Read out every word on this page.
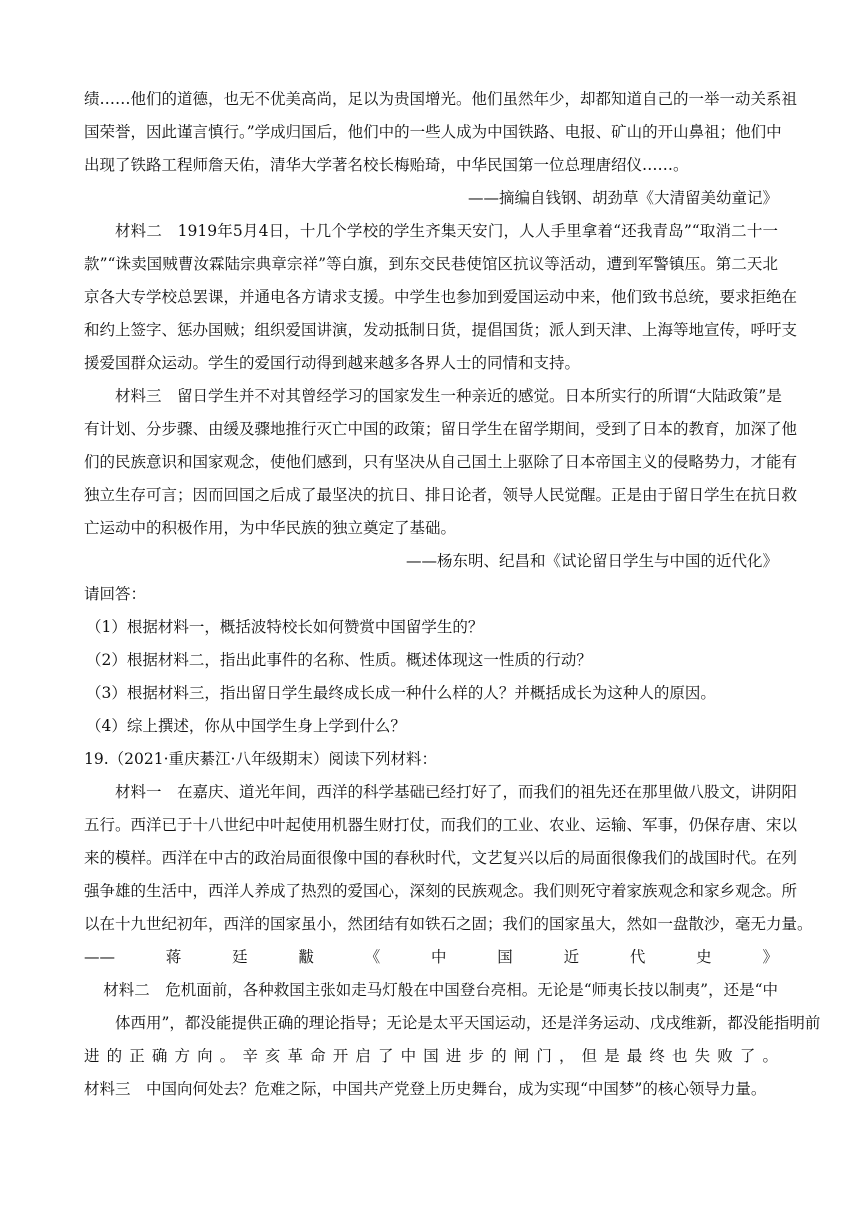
绩……他们的道德，也无不优美高尚，足以为贵国增光。他们虽然年少，却都知道自己的一举一动关系祖
国荣誉，因此谨言慎行。”学成归国后，他们中的一些人成为中国铁路、电报、矿山的开山鼻祖；他们中
出现了铁路工程师詹天佑，清华大学著名校长梅贻琦，中华民国第一位总理唐绍仪……。
——摘编自钱钢、胡劲草《大清留美幼童记》
材料二　1919年5月4日，十几个学校的学生齐集天安门，人人手里拿着“还我青岛”“取消二十一
款”“诛卖国贼曹汝霖陆宗典章宗祥”等白旗，到东交民巷使馆区抗议等活动，遭到军警镇压。第二天北
京各大专学校总罢课，并通电各方请求支援。中学生也参加到爱国运动中来，他们致书总统，要求拒绝在
和约上签字、惩办国贼；组织爱国讲演，发动抵制日货，提倡国货；派人到天津、上海等地宣传，呼吁支
援爱国群众运动。学生的爱国行动得到越来越多各界人士的同情和支持。
材料三　留日学生并不对其曾经学习的国家发生一种亲近的感觉。日本所实行的所谓“大陆政策”是
有计划、分步骤、由缓及骤地推行灭亡中国的政策；留日学生在留学期间，受到了日本的教育，加深了他
们的民族意识和国家观念，使他们感到，只有坚决从自己国土上驱除了日本帝国主义的侵略势力，才能有
独立生存可言；因而回国之后成了最坚决的抗日、排日论者，领导人民觉醒。正是由于留日学生在抗日救
亡运动中的积极作用，为中华民族的独立奠定了基础。
——杨东明、纪昌和《试论留日学生与中国的近代化》
请回答：
（1）根据材料一，概括波特校长如何赞赏中国留学生的？
（2）根据材料二，指出此事件的名称、性质。概述体现这一性质的行动？
（3）根据材料三，指出留日学生最终成长成一种什么样的人？并概括成长为这种人的原因。
（4）综上撰述，你从中国学生身上学到什么？
19.（2021·重庆綦江·八年级期末）阅读下列材料：
材料一　在嘉庆、道光年间，西洋的科学基础已经打好了，而我们的祖先还在那里做八股文，讲阴阳
五行。西洋已于十八世纪中叶起使用机器生财打仗，而我们的工业、农业、运输、军事，仍保存唐、宋以
来的模样。西洋在中古的政治局面很像中国的春秋时代，文艺复兴以后的局面很像我们的战国时代。在列
强争雄的生活中，西洋人养成了热烈的爱国心，深刻的民族观念。我们则死守着家族观念和家乡观念。所
以在十九世纪初年，西洋的国家虽小，然团结有如铁石之固；我们的国家虽大，然如一盘散沙，毫无力量。
——蒋廷黻《中国近代史》
材料二　危机面前，各种救国主张如走马灯般在中国登台亮相。无论是“师夷长技以制夷”，还是“中
体西用”，都没能提供正确的理论指导；无论是太平天国运动，还是洋务运动、戊戌维新，都没能指明前
进的正确方向。辛亥革命开启了中国进步的闸门，但是最终也失败了。
材料三　中国向何处去？危难之际，中国共产党登上历史舞台，成为实现“中国梦”的核心领导力量。
